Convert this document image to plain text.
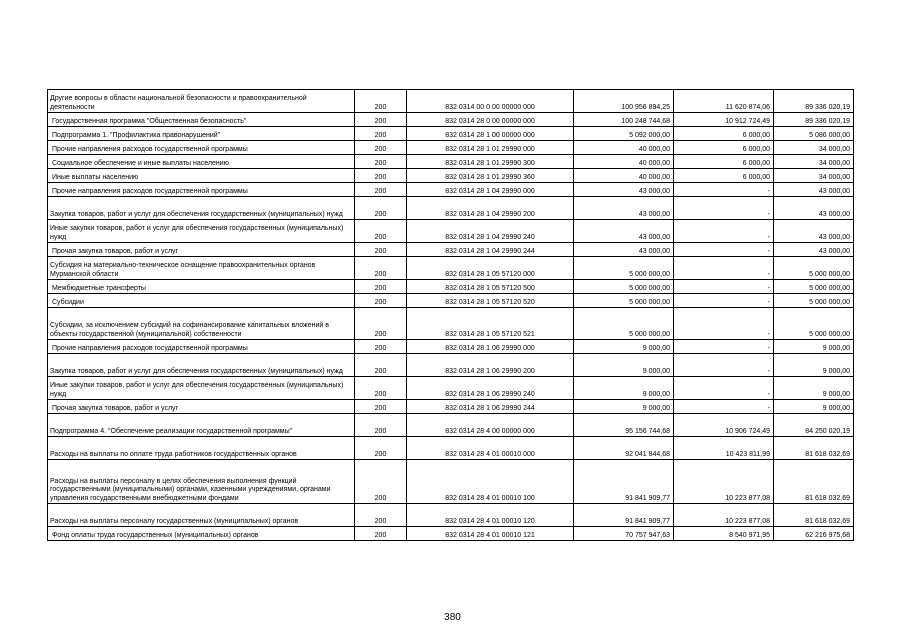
Другие вопросы в области национальной безопасности и правоохранительной деятельности	200	832 0314 00 0 00 00000 000	100 956 894,25	11 620 874,06	89 336 020,19
Государственная программа "Общественная безопасность"	200	832 0314 28 0 00 00000 000	100 248 744,68	10 912 724,49	89 336 020,19
Подпрограмма 1. "Профилактика правонарушений"	200	832 0314 28 1 00 00000 000	5 092 000,00	6 000,00	5 086 000,00
Прочие направления расходов государственной программы	200	832 0314 28 1 01 29990 000	40 000,00	6 000,00	34 000,00
Социальное обеспечение и иные выплаты населению	200	832 0314 28 1 01 29990 300	40 000,00	6 000,00	34 000,00
Иные выплаты населению	200	832 0314 28 1 01 29990 360	40 000,00	6 000,00	34 000,00
Прочие направления расходов государственной программы	200	832 0314 28 1 04 29990 000	43 000,00	-	43 000,00
Закупка товаров, работ и услуг для обеспечения государственных (муниципальных) нужд	200	832 0314 28 1 04 29990 200	43 000,00	-	43 000,00
Иные закупки товаров, работ и услуг для обеспечения государственных (муниципальных) нужд	200	832 0314 28 1 04 29990 240	43 000,00	-	43 000,00
Прочая закупка товаров, работ и услуг	200	832 0314 28 1 04 29990 244	43 000,00	-	43 000,00
Субсидия на материально-техническое оснащение правоохранительных органов Мурманской области	200	832 0314 28 1 05 57120 000	5 000 000,00	-	5 000 000,00
Межбюджетные трансферты	200	832 0314 28 1 05 57120 500	5 000 000,00	-	5 000 000,00
Субсидии	200	832 0314 28 1 05 57120 520	5 000 000,00	-	5 000 000,00
Субсидии, за исключением субсидий на софинансирование капитальных вложений в объекты государственной (муниципальной) собственности	200	832 0314 28 1 05 57120 521	5 000 000,00	-	5 000 000,00
Прочие направления расходов государственной программы	200	832 0314 28 1 06 29990 000	9 000,00	-	9 000,00
Закупка товаров, работ и услуг для обеспечения государственных (муниципальных) нужд	200	832 0314 28 1 06 29990 200	9 000,00	-	9 000,00
Иные закупки товаров, работ и услуг для обеспечения государственных (муниципальных) нужд	200	832 0314 28 1 06 29990 240	9 000,00	-	9 000,00
Прочая закупка товаров, работ и услуг	200	832 0314 28 1 06 29990 244	9 000,00	-	9 000,00
Подпрограмма 4. "Обеспечение реализации государственной программы"	200	832 0314 28 4 00 00000 000	95 156 744,68	10 906 724,49	84 250 020,19
Расходы на выплаты по оплате труда работников государственных органов	200	832 0314 28 4 01 00010 000	92 041 844,68	10 423 811,99	81 618 032,69
Расходы на выплаты персоналу в целях обеспечения выполнения функций государственными (муниципальными) органами, казенными учреждениями, органами управления государственными внебюджетными фондами	200	832 0314 28 4 01 00010 100	91 841 909,77	10 223 877,08	81 618 032,69
Расходы на выплаты персоналу государственных (муниципальных) органов	200	832 0314 28 4 01 00010 120	91 841 909,77	10 223 877,08	81 618 032,69
Фонд оплаты труда государственных (муниципальных) органов	200	832 0314 28 4 01 00010 121	70 757 947,63	8 540 971,95	62 216 975,68
380
